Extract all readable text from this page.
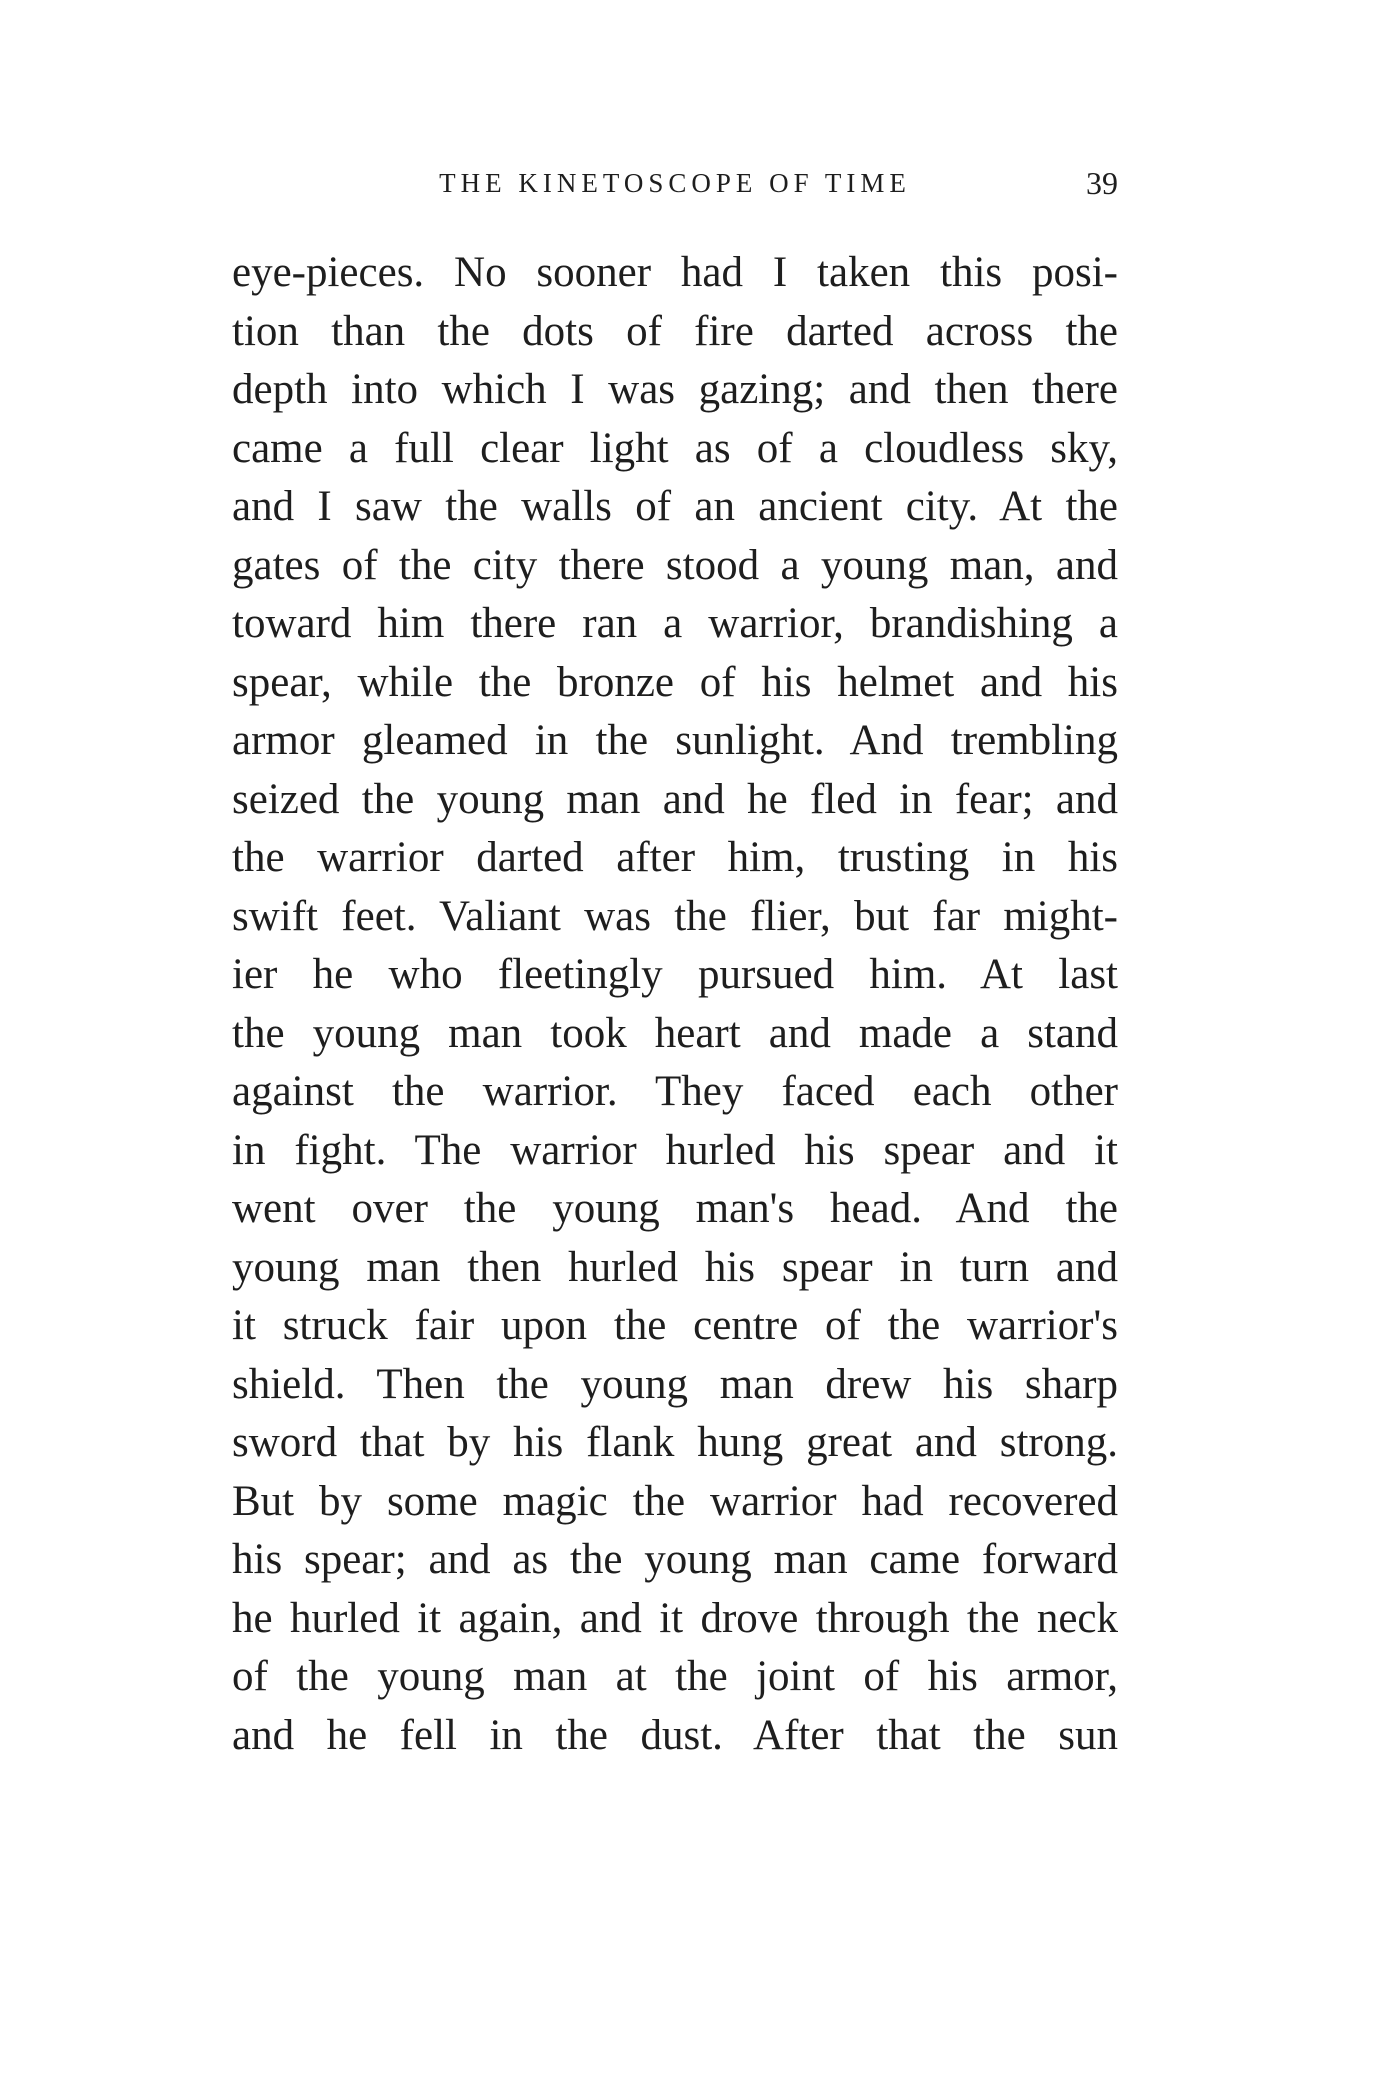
THE KINETOSCOPE OF TIME	39
eye-pieces. No sooner had I taken this posi-
tion than the dots of fire darted across the
depth into which I was gazing; and then there
came a full clear light as of a cloudless sky,
and I saw the walls of an ancient city. At the
gates of the city there stood a young man, and
toward him there ran a warrior, brandishing a
spear, while the bronze of his helmet and his
armor gleamed in the sunlight. And trembling
seized the young man and he fled in fear; and
the warrior darted after him, trusting in his
swift feet. Valiant was the flier, but far might-
ier he who fleetingly pursued him. At last
the young man took heart and made a stand
against the warrior. They faced each other
in fight. The warrior hurled his spear and it
went over the young man's head. And the
young man then hurled his spear in turn and
it struck fair upon the centre of the warrior's
shield. Then the young man drew his sharp
sword that by his flank hung great and strong.
But by some magic the warrior had recovered
his spear; and as the young man came forward
he hurled it again, and it drove through the neck
of the young man at the joint of his armor,
and he fell in the dust. After that the sun
